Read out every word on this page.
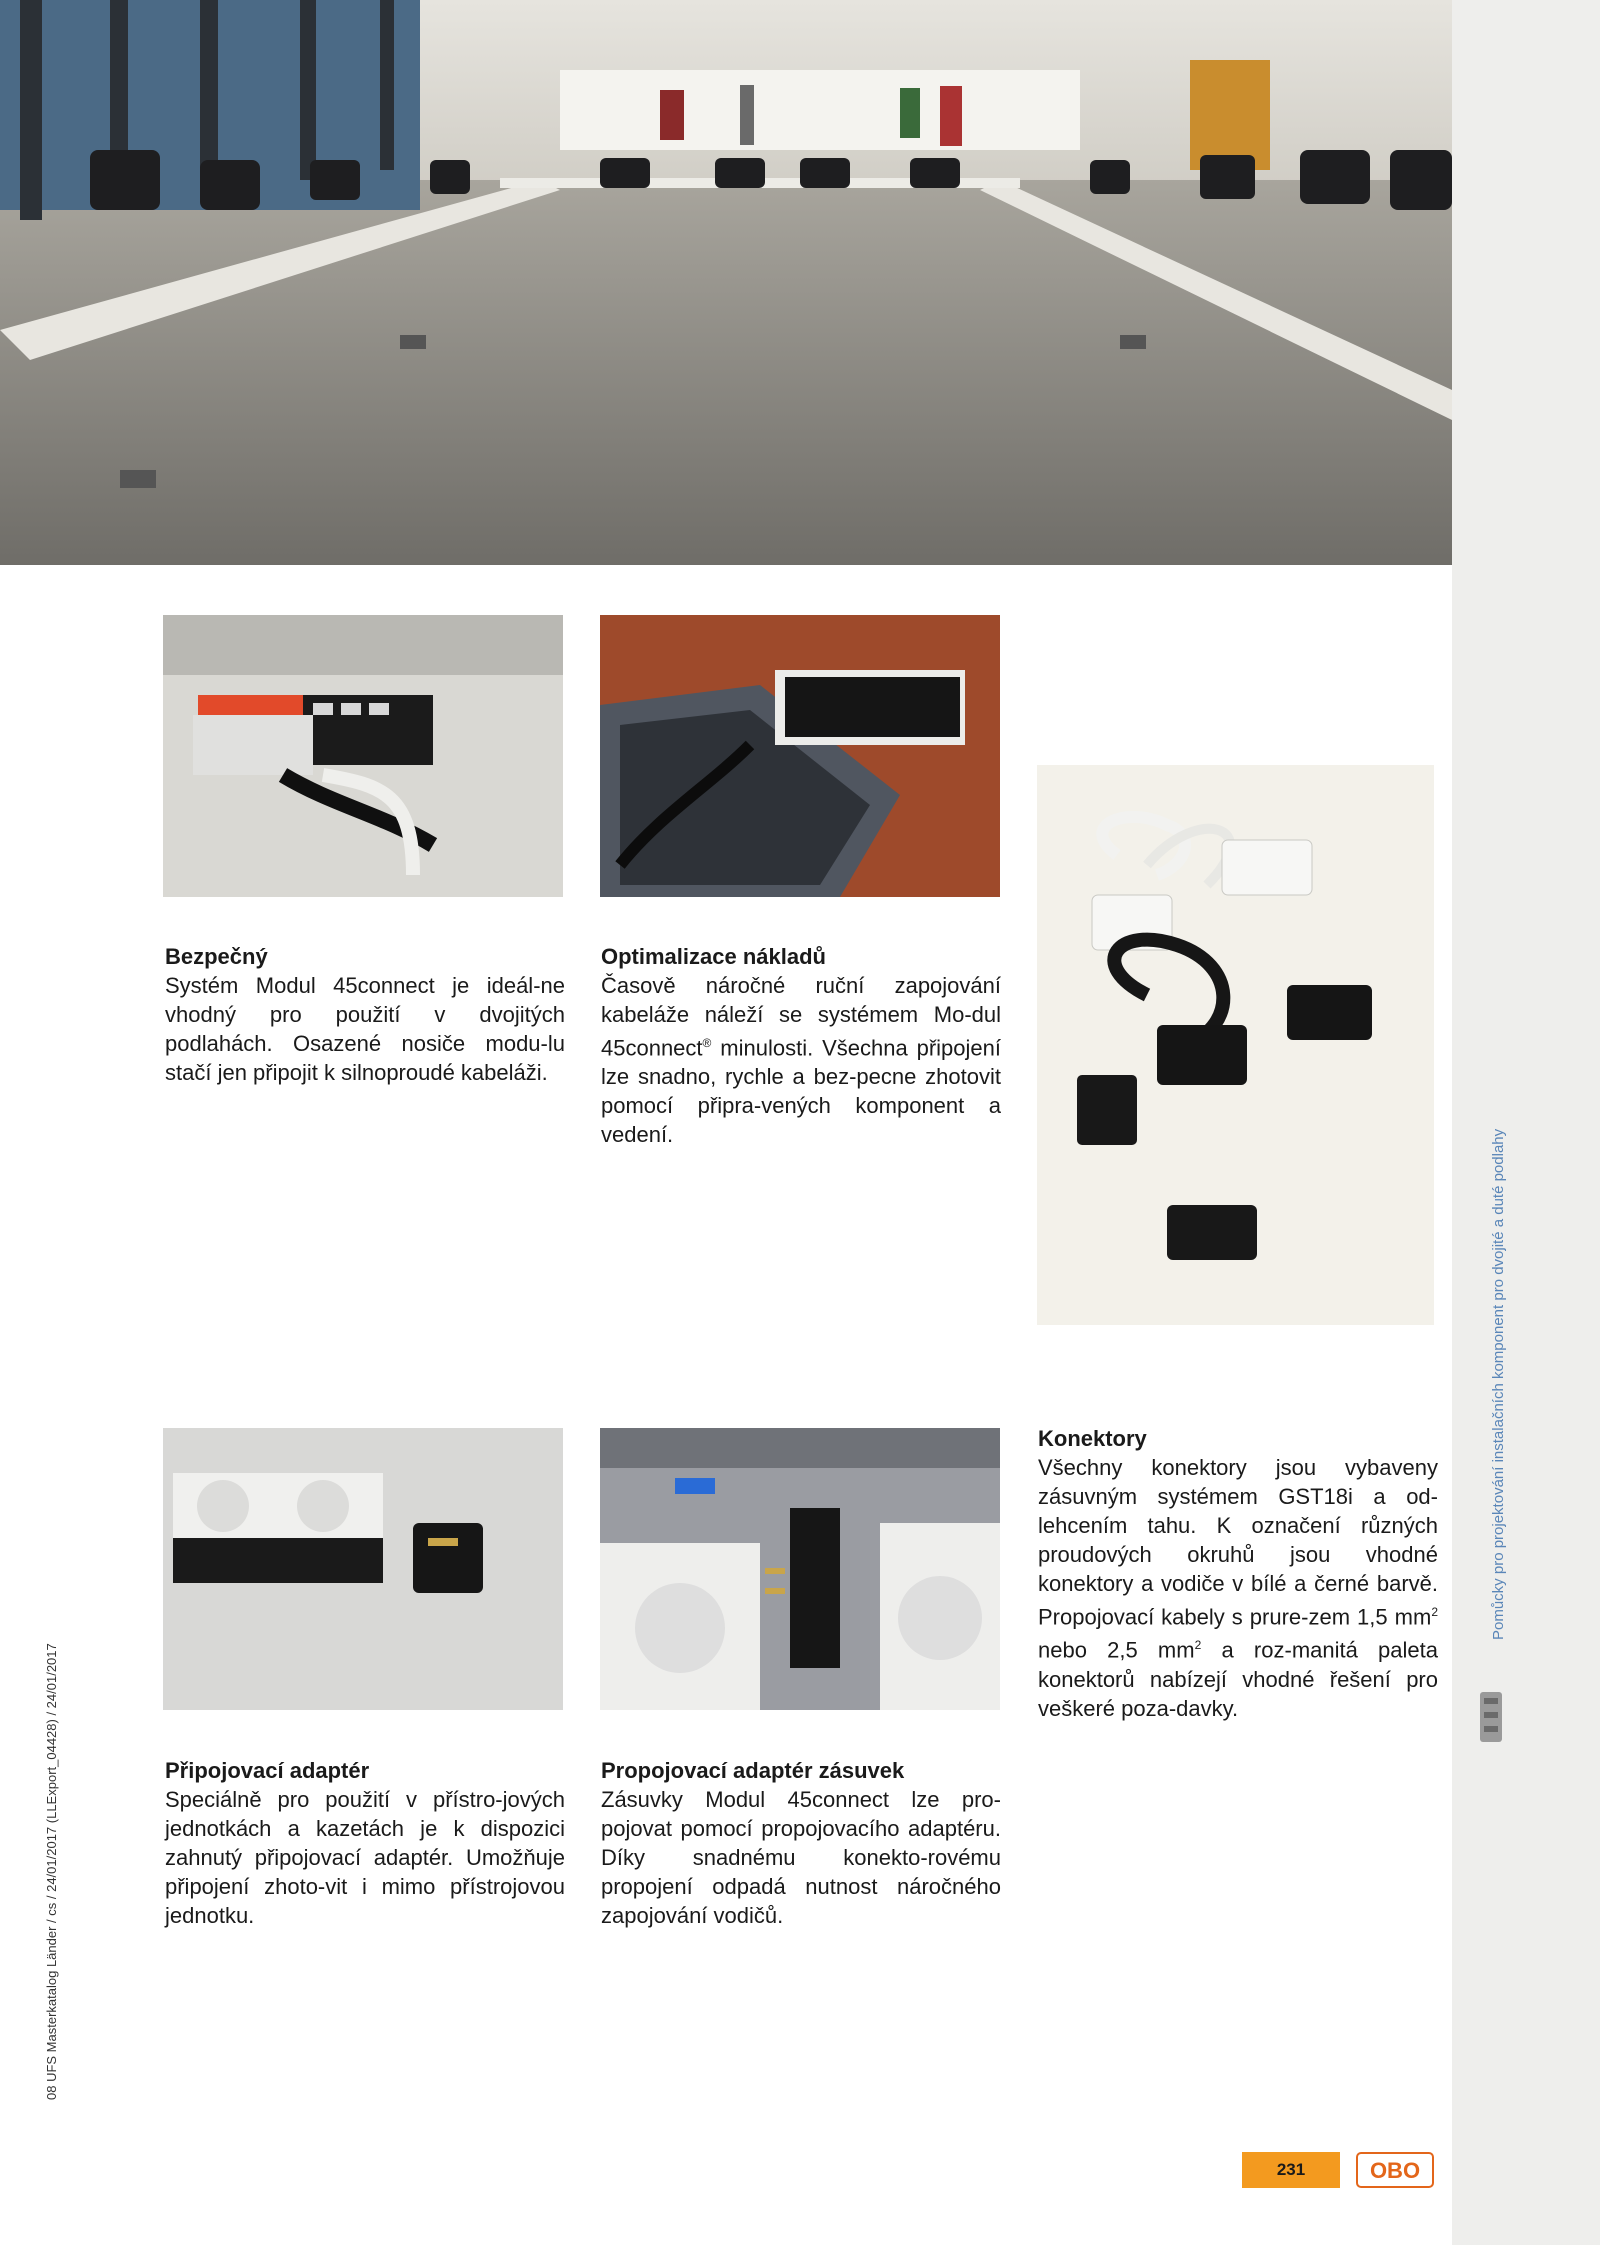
Bezpečný

Systém Modul 45connect je ideál-ne vhodný pro použití v dvojitých podlahách. Osazené nosiče modu-lu stačí jen připojit k silnoproudé kabeláži.

Optimalizace nákladů

Časově náročné ruční zapojování kabeláže náleží se systémem Mo-dul 45connect® minulosti. Všechna připojení lze snadno, rychle a bez-pecne zhotovit pomocí připra-vených komponent a vedení.

Konektory

Všechny konektory jsou vybaveny zásuvným systémem GST18i a od-lehcením tahu. K označení různých proudových okruhů jsou vhodné konektory a vodiče v bílé a černé barvě. Propojovací kabely s prure-zem 1,5 $mm^2$ nebo 2,5 $mm^2$ a roz-manitá paleta konektorů nabízejí vhodné řešení pro veškeré poza-davky.

Připojovací adaptér

Speciálně pro použití v přístro-jových jednotkách a kazetách je k dispozici zahnutý připojovací adaptér. Umožňuje připojení zhoto-vit i mimo přístrojovou jednotku.

Propojovací adaptér zásuvek

Zásuvky Modul 45connect lze pro-pojovat pomocí propojovacího adaptéru. Díky snadnému konekto-rovému propojení odpadá nutnost náročného zapojování vodičů.

Pomůcky pro projektování instalačních komponent pro dvojité a duté podlahy
08 UFS Masterkatalog Länder / cs / 24/01/2017 (LLExport_04428) / 24/01/2017
231	OBO
